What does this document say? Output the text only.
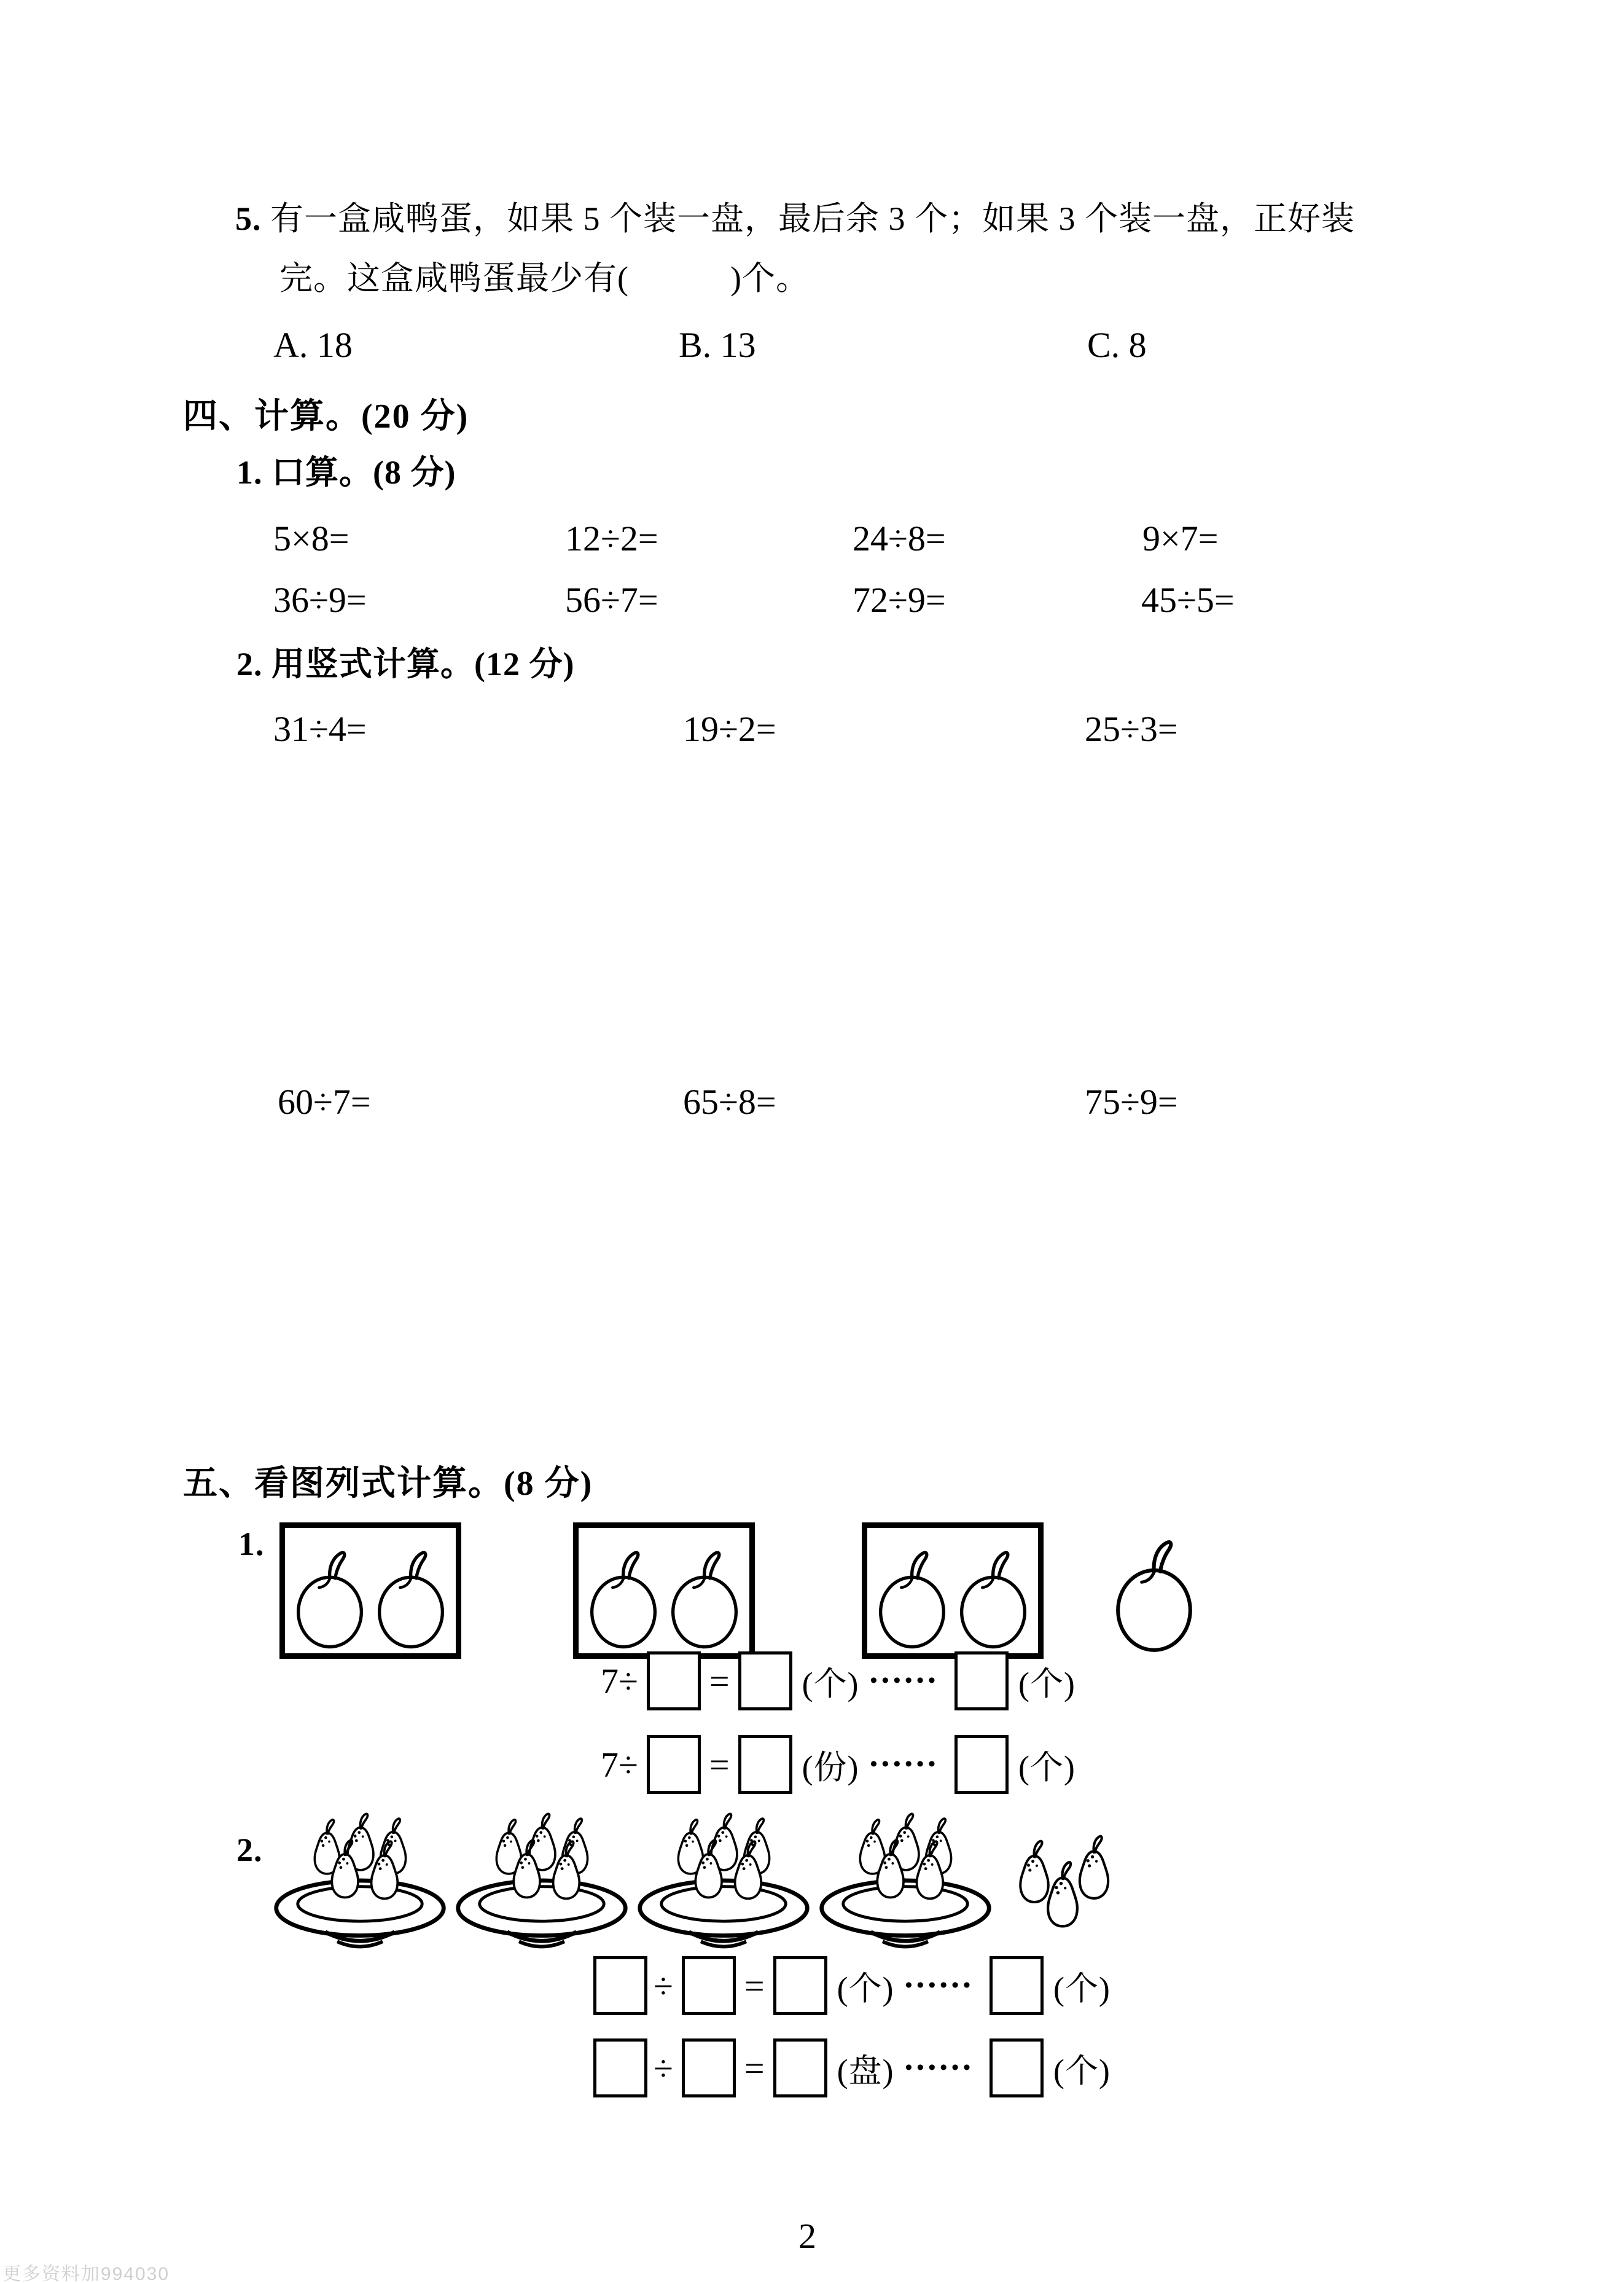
5. 有一盒咸鸭蛋，如果 5 个装一盘，最后余 3 个；如果 3 个装一盘，正好装
完。这盒咸鸭蛋最少有(　　　)个。
A. 18	B. 13	C. 8
四、计算。(20 分)
1. 口算。(8 分)
5×8=	12÷2=	24÷8=	9×7=
36÷9=	56÷7=	72÷9=	45÷5=
2. 用竖式计算。(12 分)
31÷4=	19÷2=	25÷3=
60÷7=	65÷8=	75÷9=
五、看图列式计算。(8 分)
1.
7÷ = (个) •••••• (个)
7÷ = (份) •••••• (个)
2.
÷ = (个) •••••• (个)
÷ = (盘) •••••• (个)
2
更多资料加994030
